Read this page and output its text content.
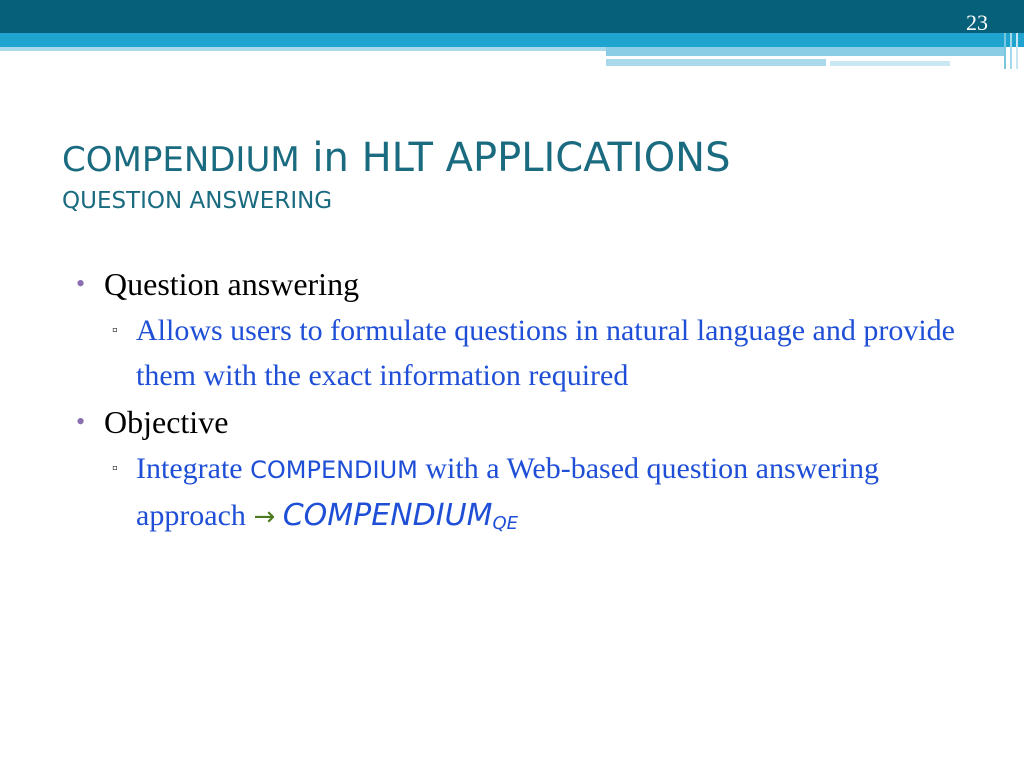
23
COMPENDIUM in HLT APPLICATIONS
QUESTION ANSWERING
• Question answering
▫ Allows users to formulate questions in natural language and provide them with the exact information required
• Objective
▫ Integrate COMPENDIUM with a Web-based question answering approach → $COMPENDIUM_{QE}$
